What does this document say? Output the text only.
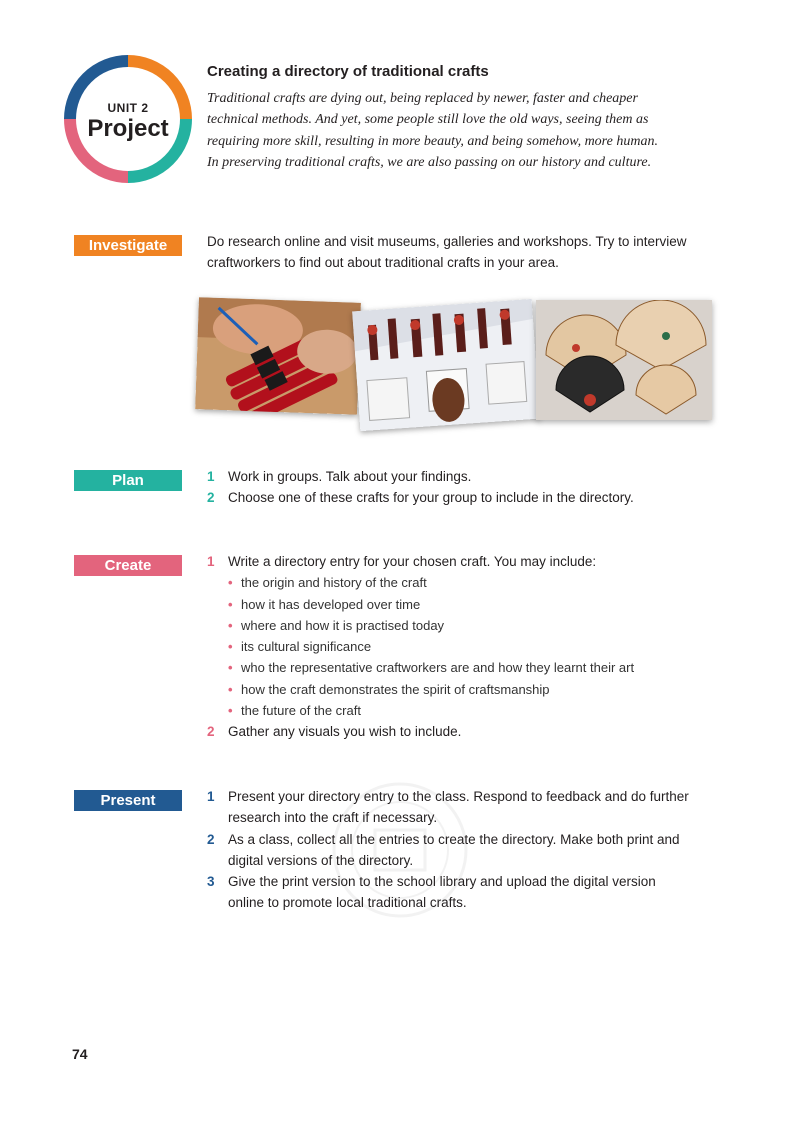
UNIT 2
Project
Creating a directory of traditional crafts

Traditional crafts are dying out, being replaced by newer, faster and cheaper

technical methods. And yet, some people still love the old ways, seeing them as

requiring more skill, resulting in more beauty, and being somehow, more human.

In preserving traditional crafts, we are also passing on our history and culture.

Investigate	Do research online and visit museums, galleries and workshops. Try to interview

craftworkers to find out about traditional crafts in your area.

Plan	1 Work in groups. Talk about your findings.
2 Choose one of these crafts for your group to include in the directory.
Create	1 Write a directory entry for your chosen craft. You may include:
• the origin and history of the craft
• how it has developed over time
• where and how it is practised today
• its cultural significance
• who the representative craftworkers are and how they learnt their art
• how the craft demonstrates the spirit of craftsmanship
• the future of the craft
2 Gather any visuals you wish to include.
Present	1 Present your directory entry to the class. Respond to feedback and do further
research into the craft if necessary.
2 As a class, collect all the entries to create the directory. Make both print and
digital versions of the directory.
3 Give the print version to the school library and upload the digital version
online to promote local traditional crafts.
74
